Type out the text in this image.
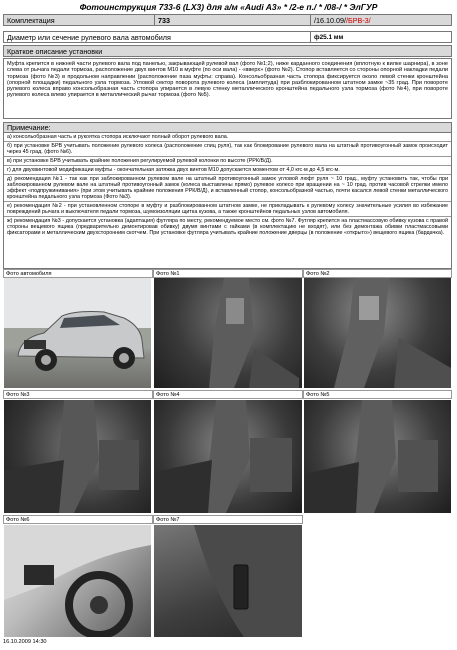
Фотоинструкция 733-6 (LX3) для а/м «Audi A3» * /2-е п./ * /08-/ * ЭлГУР
Комплектация	733	/16.10.09/ /БРВ-3/
Диаметр или сечение рулевого вала автомобиля	ф25.1 мм
Краткое описание установки
Муфта крепится в нижней части рулевого вала под панелью, закрывающей рулевой вал (фото №1;2), ниже карданного соединения (вплотную к вилке шарнира), в зоне слева от рычага педали тормоза, расположение двух винтов М10 в муфте (по оси вала) - «вверх» (фото №2). Стопор вставляется со стороны опорной накладки педали тормоза (фото №3) в продольном направлении (расположение паза муфты: справа). Консольобразная часть стопора фиксируется около левой стенки кронштейна (опорной площадки) педального узла тормоза. Угловой сектор поворота рулевого колеса (амплитуда) при разблокированном штатном замке ~35 град. При повороте рулевого колеса вправо консольобразная часть стопора упирается в левую стенку металлического кронштейна педального узла тормоза (фото №4), при повороте рулевого колеса влево упирается в металлический рычаг тормоза (фото №5).
Примечание:

а) консольобразная часть и рукоятка стопора исключают полный оборот рулевого вала.

б) при установке БРВ учитывать положение рулевого колеса (расположение спиц руля), так как блокирование рулевого вала на штатный противоугонный замок происходит через 45 град. (фото №6).

в) при установке БРВ учитывать крайние положения регулируемой рулевой колонки по высоте (РРК/В/Д).

г) для двухвинтовой модификации муфты - окончательная затяжка двух винтов М10 допускается моментом от 4,0 кгс·м до 4,5 кгс·м.

д) рекомендация №1 - так как при заблокированном рулевом вале на штатный противоугонный замок угловой люфт руля ~ 10 град., муфту установить так, чтобы при заблокированном рулевом вале на штатный противоугонный замок (колеса выставлены прямо) рулевое колесо при вращении на ~ 10 град. против часовой стрелки имело эффект «подпружинивания» (при этом учитывать крайние положения РРК/В/Д), и вставленный стопор, консольобразной частью, почти касался левой стенки металлического кронштейна педального узла тормоза (Фото №3).

е) рекомендация №2 - при установленном стопоре в муфту и разблокированном штатном замке, не прикладывать к рулевому колесу значительные усилия во избежание повреждений рычага и выключателя педали тормоза, шумоизоляции щитка кузова, а также кронштейнов педальных узлов автомобиля.

ж) рекомендация №3 - допускается установка (адаптация) футляра по месту, рекомендуемое место см. фото №7. Футляр крепится на пластмассовую обивку кузова с правой стороны вещевого ящика (предварительно демонтировав обивку) двумя винтами с гайками (в комплектацию не входят), или без демонтажа обивки пластмассовыми фиксаторами и металлическим двухсторонним скотчем. При установке футляра учитывать крайние положение дверцы (в положение «открыто») вещевого ящика (бардачка).

Фото автомобиля	Фото №1	Фото №2
Фото №3	Фото №4	Фото №5
Фото №6	Фото №7
16.10.2009 14:30
